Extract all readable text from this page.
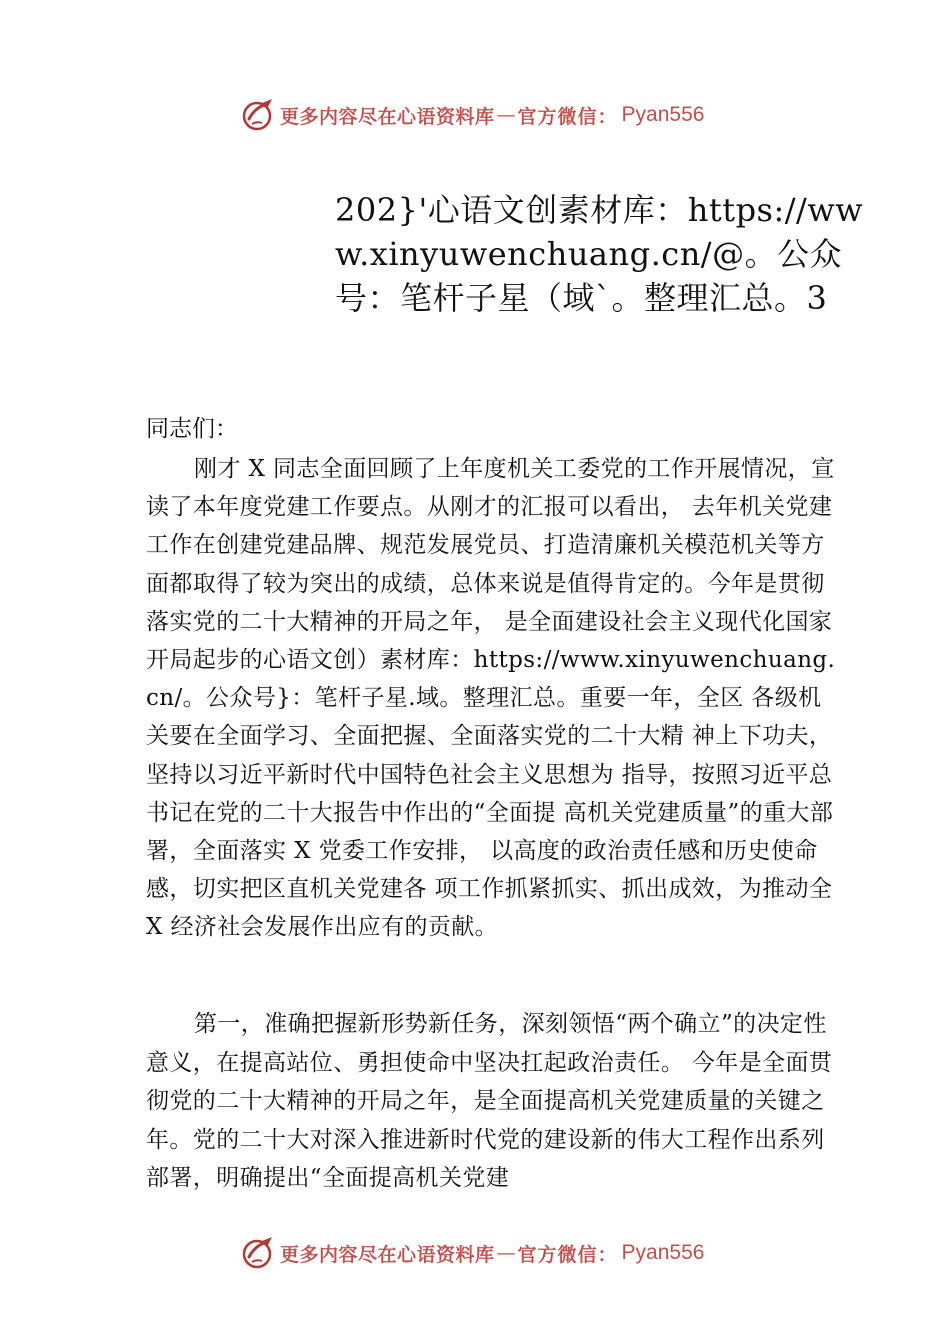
更多内容尽在心语资料库 — 官方微信： Pyan556
202}'心语文创素材库：https://www.xinyuwenchuang.cn/@。公众号：笔杆子星（域`。整理汇总。3
同志们：

刚才 X 同志全面回顾了上年度机关工委党的工作开展情况，宣读了本年度党建工作要点。从刚才的汇报可以看出， 去年机关党建工作在创建党建品牌、规范发展党员、打造清廉机关模范机关等方面都取得了较为突出的成绩，总体来说是值得肯定的。今年是贯彻落实党的二十大精神的开局之年， 是全面建设社会主义现代化国家开局起步的心语文创）素材库：https://www.xinyuwenchuang.cn/。公众号}：笔杆子星.域。整理汇总。重要一年，全区 各级机关要在全面学习、全面把握、全面落实党的二十大精 神上下功夫，坚持以习近平新时代中国特色社会主义思想为 指导，按照习近平总书记在党的二十大报告中作出的“全面提 高机关党建质量”的重大部署，全面落实 X 党委工作安排， 以高度的政治责任感和历史使命感，切实把区直机关党建各 项工作抓紧抓实、抓出成效，为推动全 X 经济社会发展作出应有的贡献。

第一，准确把握新形势新任务，深刻领悟“两个确立”的决定性意义，在提高站位、勇担使命中坚决扛起政治责任。 今年是全面贯彻党的二十大精神的开局之年，是全面提高机关党建质量的关键之年。党的二十大对深入推进新时代党的建设新的伟大工程作出系列部署，明确提出“全面提高机关党建

更多内容尽在心语资料库 — 官方微信： Pyan556
